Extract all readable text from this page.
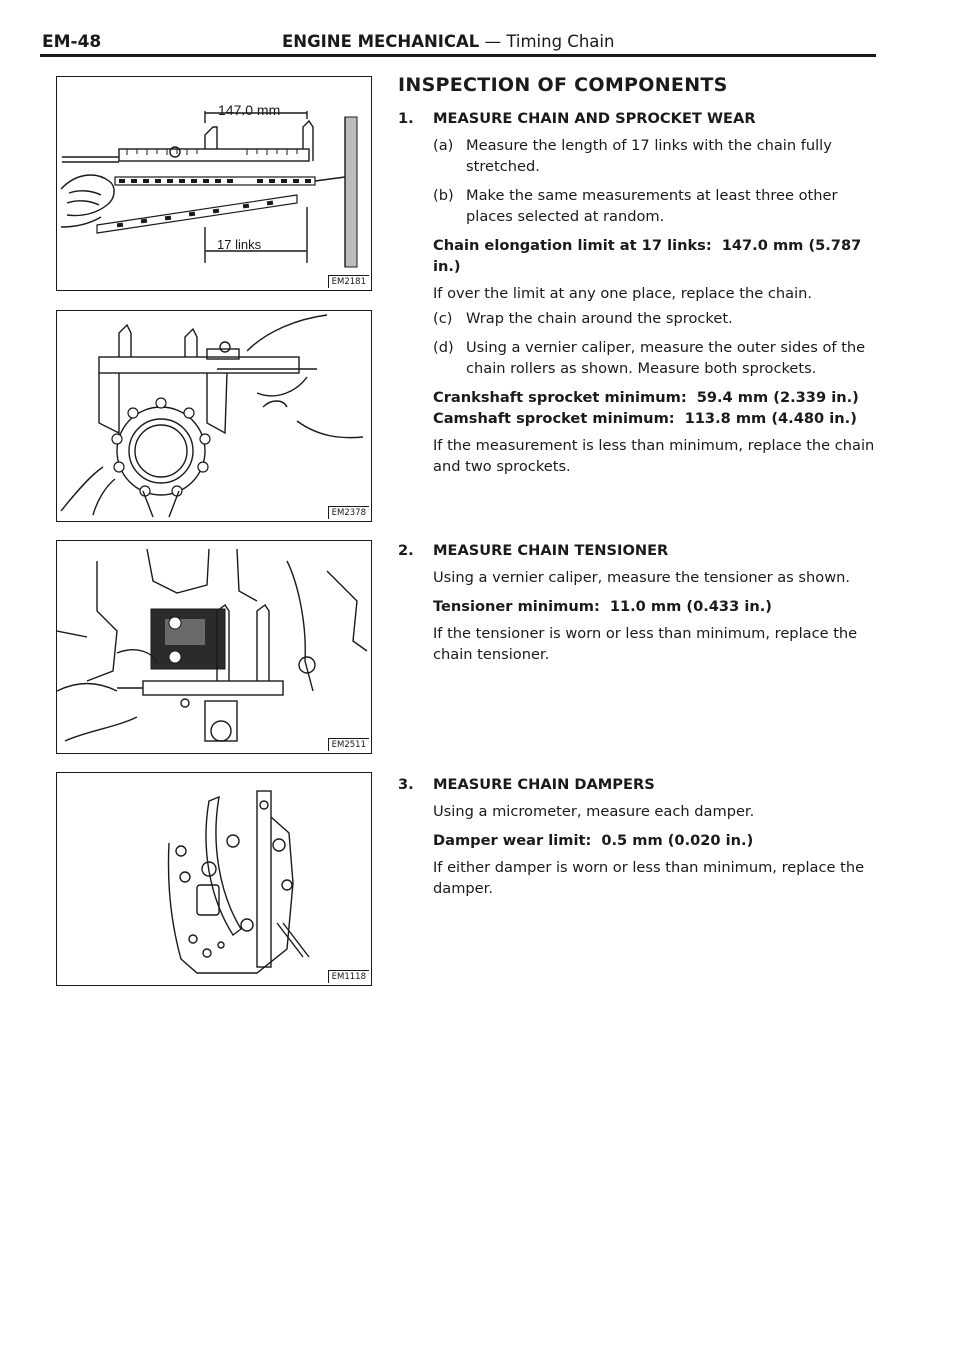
EM-48	ENGINE MECHANICAL — Timing Chain
147.0 mm
17 links
EM2181
EM2378
EM2511
EM1118
INSPECTION OF COMPONENTS
1. MEASURE CHAIN AND SPROCKET WEAR
(a) Measure the length of 17 links with the chain fully stretched.
(b) Make the same measurements at least three other places selected at random.
Chain elongation limit at 17 links: 147.0 mm (5.787 in.)

If over the limit at any one place, replace the chain.

(c) Wrap the chain around the sprocket.
(d) Using a vernier caliper, measure the outer sides of the chain rollers as shown. Measure both sprockets.
Crankshaft sprocket minimum: 59.4 mm (2.339 in.)
Camshaft sprocket minimum: 113.8 mm (4.480 in.)

If the measurement is less than minimum, replace the chain and two sprockets.

2. MEASURE CHAIN TENSIONER

Using a vernier caliper, measure the tensioner as shown.

Tensioner minimum: 11.0 mm (0.433 in.)

If the tensioner is worn or less than minimum, replace the chain tensioner.

3. MEASURE CHAIN DAMPERS

Using a micrometer, measure each damper.

Damper wear limit: 0.5 mm (0.020 in.)

If either damper is worn or less than minimum, replace the damper.
